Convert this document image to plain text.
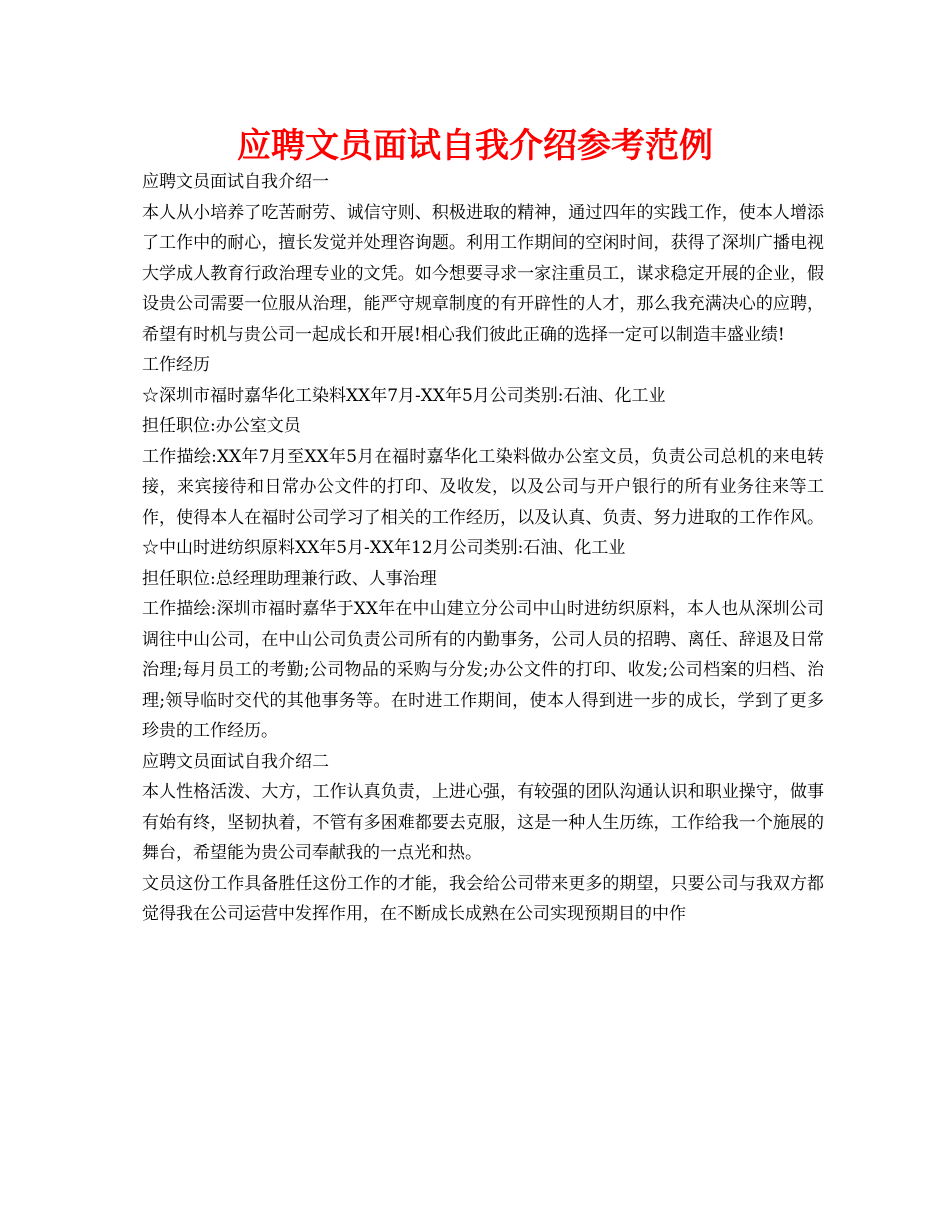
应聘文员面试自我介绍参考范例

应聘文员面试自我介绍一

本人从小培养了吃苦耐劳、诚信守则、积极进取的精神，通过四年的实践工作，使本人增添了工作中的耐心，擅长发觉并处理咨询题。利用工作期间的空闲时间，获得了深圳广播电视大学成人教育行政治理专业的文凭。如今想要寻求一家注重员工，谋求稳定开展的企业，假设贵公司需要一位服从治理，能严守规章制度的有开辟性的人才，那么我充满决心的应聘，希望有时机与贵公司一起成长和开展!相心我们彼此正确的选择一定可以制造丰盛业绩!

工作经历

☆深圳市福时嘉华化工染料XX年7月-XX年5月公司类别:石油、化工业

担任职位:办公室文员

工作描绘:XX年7月至XX年5月在福时嘉华化工染料做办公室文员，负责公司总机的来电转接，来宾接待和日常办公文件的打印、及收发，以及公司与开户银行的所有业务往来等工作，使得本人在福时公司学习了相关的工作经历，以及认真、负责、努力进取的工作作风。☆中山时进纺织原料XX年5月-XX年12月公司类别:石油、化工业

担任职位:总经理助理兼行政、人事治理

工作描绘:深圳市福时嘉华于XX年在中山建立分公司中山时进纺织原料，本人也从深圳公司调往中山公司，在中山公司负责公司所有的内勤事务，公司人员的招聘、离任、辞退及日常治理;每月员工的考勤;公司物品的采购与分发;办公文件的打印、收发;公司档案的归档、治理;领导临时交代的其他事务等。在时进工作期间，使本人得到进一步的成长，学到了更多珍贵的工作经历。

应聘文员面试自我介绍二

本人性格活泼、大方，工作认真负责，上进心强，有较强的团队沟通认识和职业操守，做事有始有终，坚韧执着，不管有多困难都要去克服，这是一种人生历练，工作给我一个施展的舞台，希望能为贵公司奉献我的一点光和热。

文员这份工作具备胜任这份工作的才能，我会给公司带来更多的期望，只要公司与我双方都觉得我在公司运营中发挥作用，在不断成长成熟在公司实现预期目的中作
